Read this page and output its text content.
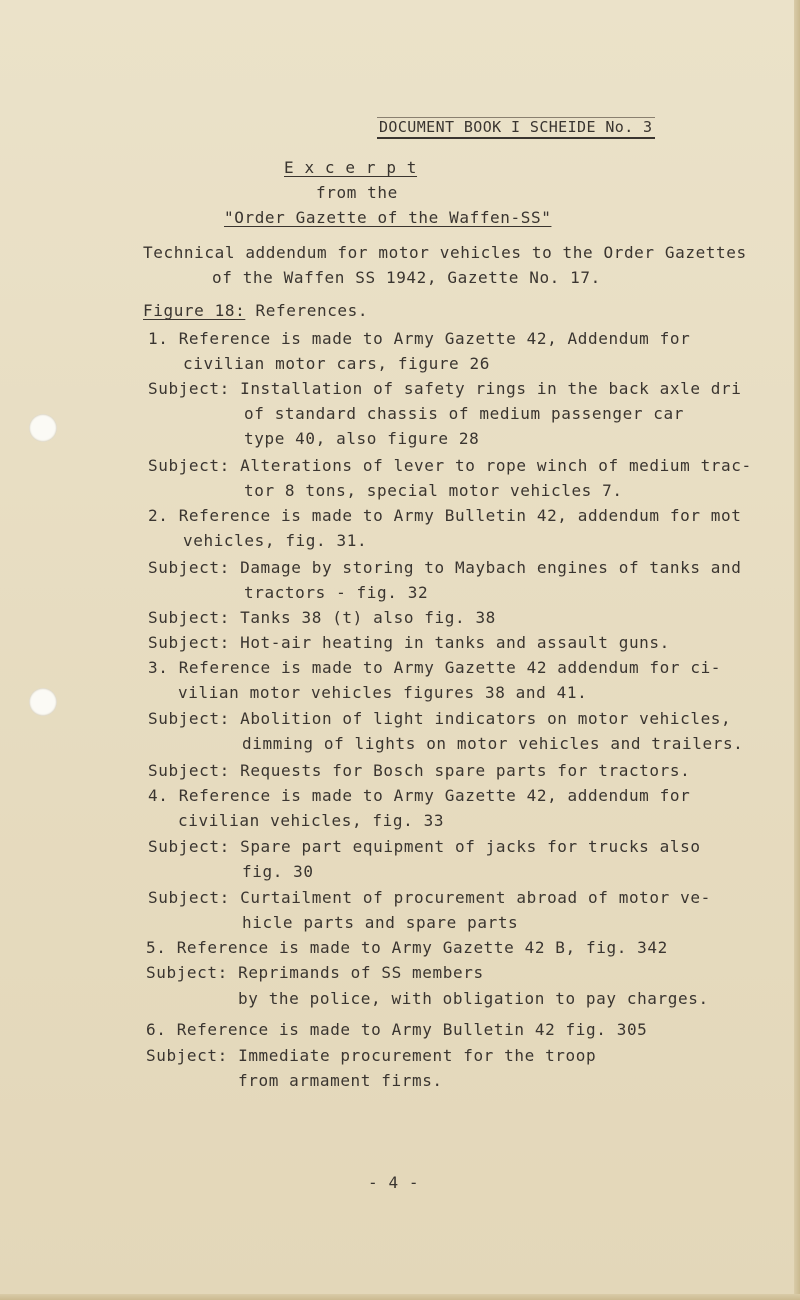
DOCUMENT BOOK I SCHEIDE No. 3
E x c e r p t
from the
"Order Gazette of the Waffen-SS"
Technical addendum for motor vehicles to the Order Gazettes
of the Waffen SS 1942, Gazette No. 17.
Figure 18: References.
1. Reference is made to Army Gazette 42, Addendum for
civilian motor cars, figure 26
Subject: Installation of safety rings in the back axle dri
of standard chassis of medium passenger car
type 40, also figure 28
Subject: Alterations of lever to rope winch of medium trac-
tor 8 tons, special motor vehicles 7.
2. Reference is made to Army Bulletin 42, addendum for mot
vehicles, fig. 31.
Subject: Damage by storing to Maybach engines of tanks and
tractors - fig. 32
Subject: Tanks 38 (t) also fig. 38
Subject: Hot-air heating in tanks and assault guns.
3. Reference is made to Army Gazette 42 addendum for ci-
vilian motor vehicles figures 38 and 41.
Subject: Abolition of light indicators on motor vehicles,
dimming of lights on motor vehicles and trailers.
Subject: Requests for Bosch spare parts for tractors.
4. Reference is made to Army Gazette 42, addendum for
civilian vehicles, fig. 33
Subject: Spare part equipment of jacks for trucks also
fig. 30
Subject: Curtailment of procurement abroad of motor ve-
hicle parts and spare parts
5. Reference is made to Army Gazette 42 B, fig. 342
Subject: Reprimands of SS members
by the police, with obligation to pay charges.
6. Reference is made to Army Bulletin 42 fig. 305
Subject: Immediate procurement for the troop
from armament firms.
- 4 -
